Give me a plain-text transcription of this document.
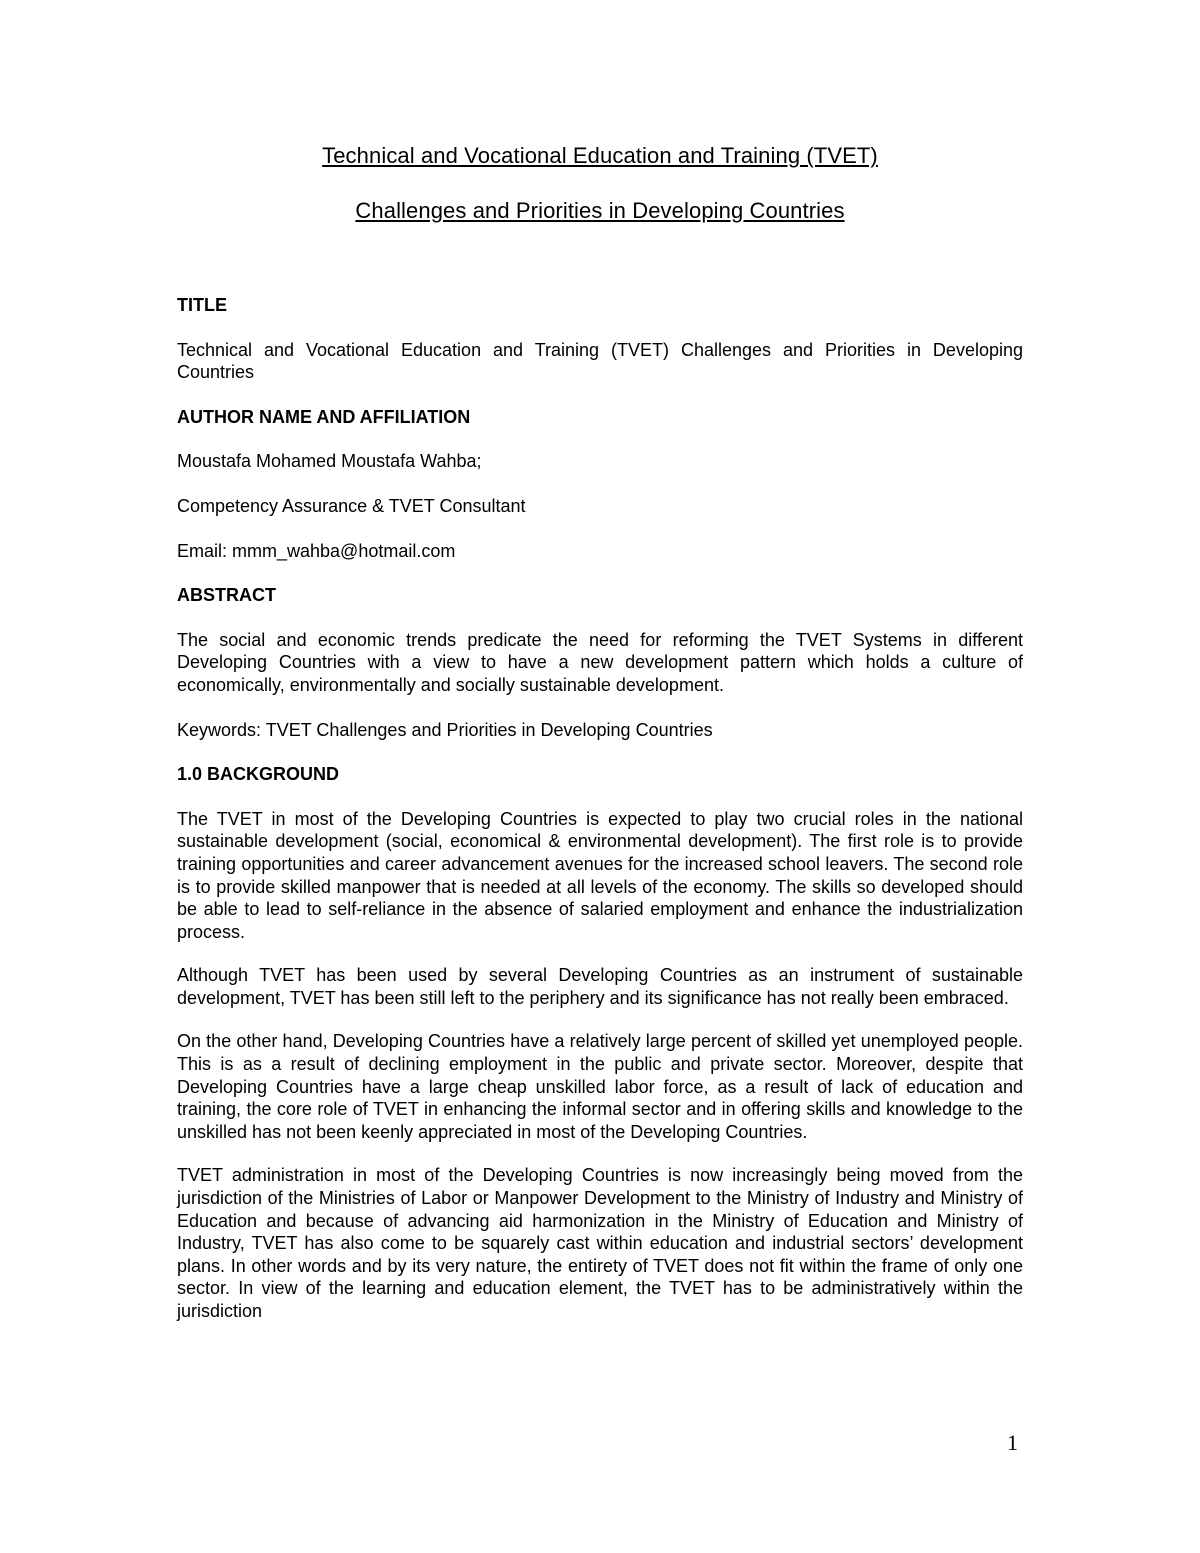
Technical and Vocational Education and Training (TVET)
Challenges and Priorities in Developing Countries

TITLE

Technical and Vocational Education and Training (TVET) Challenges and Priorities in Developing Countries

AUTHOR NAME AND AFFILIATION

Moustafa Mohamed Moustafa Wahba;

Competency Assurance & TVET Consultant

Email: mmm_wahba@hotmail.com

ABSTRACT

The social and economic trends predicate the need for reforming the TVET Systems in different Developing Countries with a view to have a new development pattern which holds a culture of economically, environmentally and socially sustainable development.

Keywords: TVET Challenges and Priorities in Developing Countries

1.0 BACKGROUND

The TVET in most of the Developing Countries is expected to play two crucial roles in the national sustainable development (social, economical & environmental development). The first role is to provide training opportunities and career advancement avenues for the increased school leavers. The second role is to provide skilled manpower that is needed at all levels of the economy. The skills so developed should be able to lead to self-reliance in the absence of salaried employment and enhance the industrialization process.

Although TVET has been used by several Developing Countries as an instrument of sustainable development, TVET has been still left to the periphery and its significance has not really been embraced.

On the other hand, Developing Countries have a relatively large percent of skilled yet unemployed people. This is as a result of declining employment in the public and private sector. Moreover, despite that Developing Countries have a large cheap unskilled labor force, as a result of lack of education and training, the core role of TVET in enhancing the informal sector and in offering skills and knowledge to the unskilled has not been keenly appreciated in most of the Developing Countries.

TVET administration in most of the Developing Countries is now increasingly being moved from the jurisdiction of the Ministries of Labor or Manpower Development to the Ministry of Industry and Ministry of Education and because of advancing aid harmonization in the Ministry of Education and Ministry of Industry, TVET has also come to be squarely cast within education and industrial sectors’ development plans. In other words and by its very nature, the entirety of TVET does not fit within the frame of only one sector. In view of the learning and education element, the TVET has to be administratively within the jurisdiction

1
